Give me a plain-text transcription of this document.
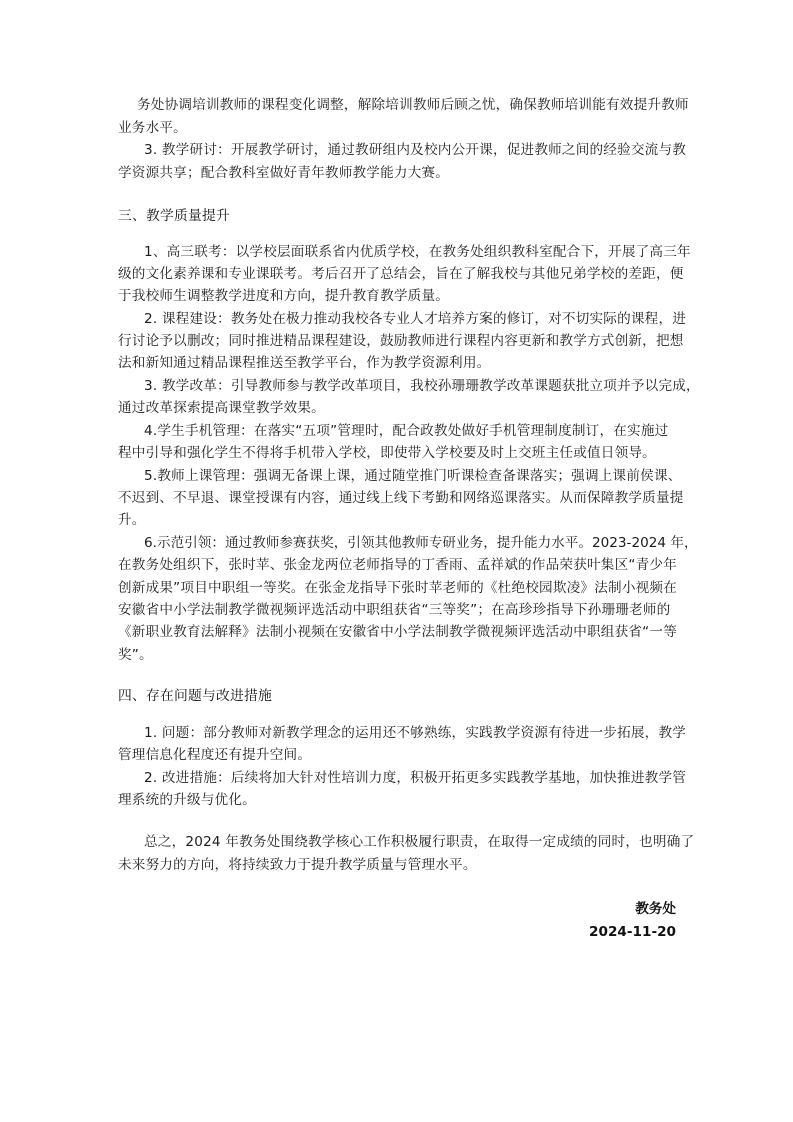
务处协调培训教师的课程变化调整，解除培训教师后顾之忧，确保教师培训能有效提升教师
业务水平。
3. 教学研讨：开展教学研讨，通过教研组内及校内公开课，促进教师之间的经验交流与教
学资源共享；配合教科室做好青年教师教学能力大赛。
三、教学质量提升
1、高三联考：以学校层面联系省内优质学校，在教务处组织教科室配合下，开展了高三年
级的文化素养课和专业课联考。考后召开了总结会，旨在了解我校与其他兄弟学校的差距，便
于我校师生调整教学进度和方向，提升教育教学质量。
2. 课程建设：教务处在极力推动我校各专业人才培养方案的修订，对不切实际的课程，进
行讨论予以删改；同时推进精品课程建设，鼓励教师进行课程内容更新和教学方式创新，把想
法和新知通过精品课程推送至教学平台，作为教学资源利用。
3. 教学改革：引导教师参与教学改革项目，我校孙珊珊教学改革课题获批立项并予以完成，
通过改革探索提高课堂教学效果。
4.学生手机管理：在落实“五项”管理时，配合政教处做好手机管理制度制订，在实施过
程中引导和强化学生不得将手机带入学校，即使带入学校要及时上交班主任或值日领导。
5.教师上课管理：强调无备课上课，通过随堂推门听课检查备课落实；强调上课前侯课、
不迟到、不早退、课堂授课有内容，通过线上线下考勤和网络巡课落实。从而保障教学质量提
升。
6.示范引领：通过教师参赛获奖，引领其他教师专研业务，提升能力水平。2023-2024 年，
在教务处组织下，张时苹、张金龙两位老师指导的丁香雨、孟祥斌的作品荣获叶集区“青少年
创新成果”项目中职组一等奖。在张金龙指导下张时苹老师的《杜绝校园欺凌》法制小视频在
安徽省中小学法制教学微视频评选活动中职组获省“三等奖”；在高珍珍指导下孙珊珊老师的
《新职业教育法解释》法制小视频在安徽省中小学法制教学微视频评选活动中职组获省“一等
奖”。
四、存在问题与改进措施
1. 问题：部分教师对新教学理念的运用还不够熟练，实践教学资源有待进一步拓展，教学
管理信息化程度还有提升空间。
2. 改进措施：后续将加大针对性培训力度，积极开拓更多实践教学基地，加快推进教学管
理系统的升级与优化。
总之，2024 年教务处围绕教学核心工作积极履行职责，在取得一定成绩的同时，也明确了
未来努力的方向，将持续致力于提升教学质量与管理水平。
教务处
2024-11-20
